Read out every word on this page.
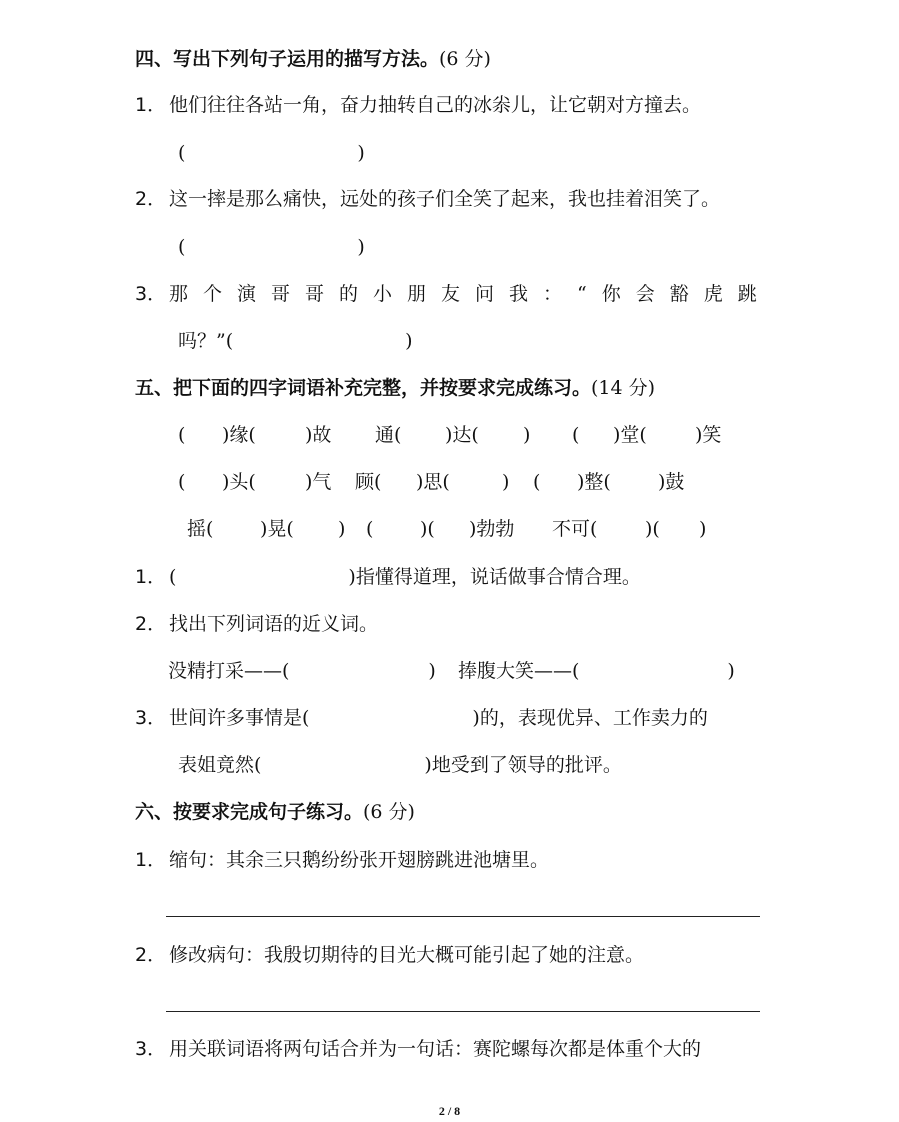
四、写出下列句子运用的描写方法。(6 分)
1． 他们往往各站一角，奋力抽转自己的冰尜儿，让它朝对方撞去。
(	)
2． 这一摔是那么痛快，远处的孩子们全笑了起来，我也挂着泪笑了。
(	)
3． 那个演哥哥的小朋友问我：“你会豁虎跳
吗？”(	)
五、把下面的四字词语补充完整，并按要求完成练习。(14 分)
( )缘(	)故 通( )达( ) ( )堂(	)笑
( )头(	)气 顾( )思(	) ( )整( )鼓
摇( )晃( ) ( )( )勃勃 不可(	)( )
1． (	)指懂得道理，说话做事合情合理。
2． 找出下列词语的近义词。
没精打采——(	) 捧腹大笑——(	)
3． 世间许多事情是(	)的，表现优异、工作卖力的
表姐竟然(	)地受到了领导的批评。
六、按要求完成句子练习。(6 分)
1． 缩句：其余三只鹅纷纷张开翅膀跳进池塘里。
2． 修改病句：我殷切期待的目光大概可能引起了她的注意。
3． 用关联词语将两句话合并为一句话：赛陀螺每次都是体重个大的
2 / 8
